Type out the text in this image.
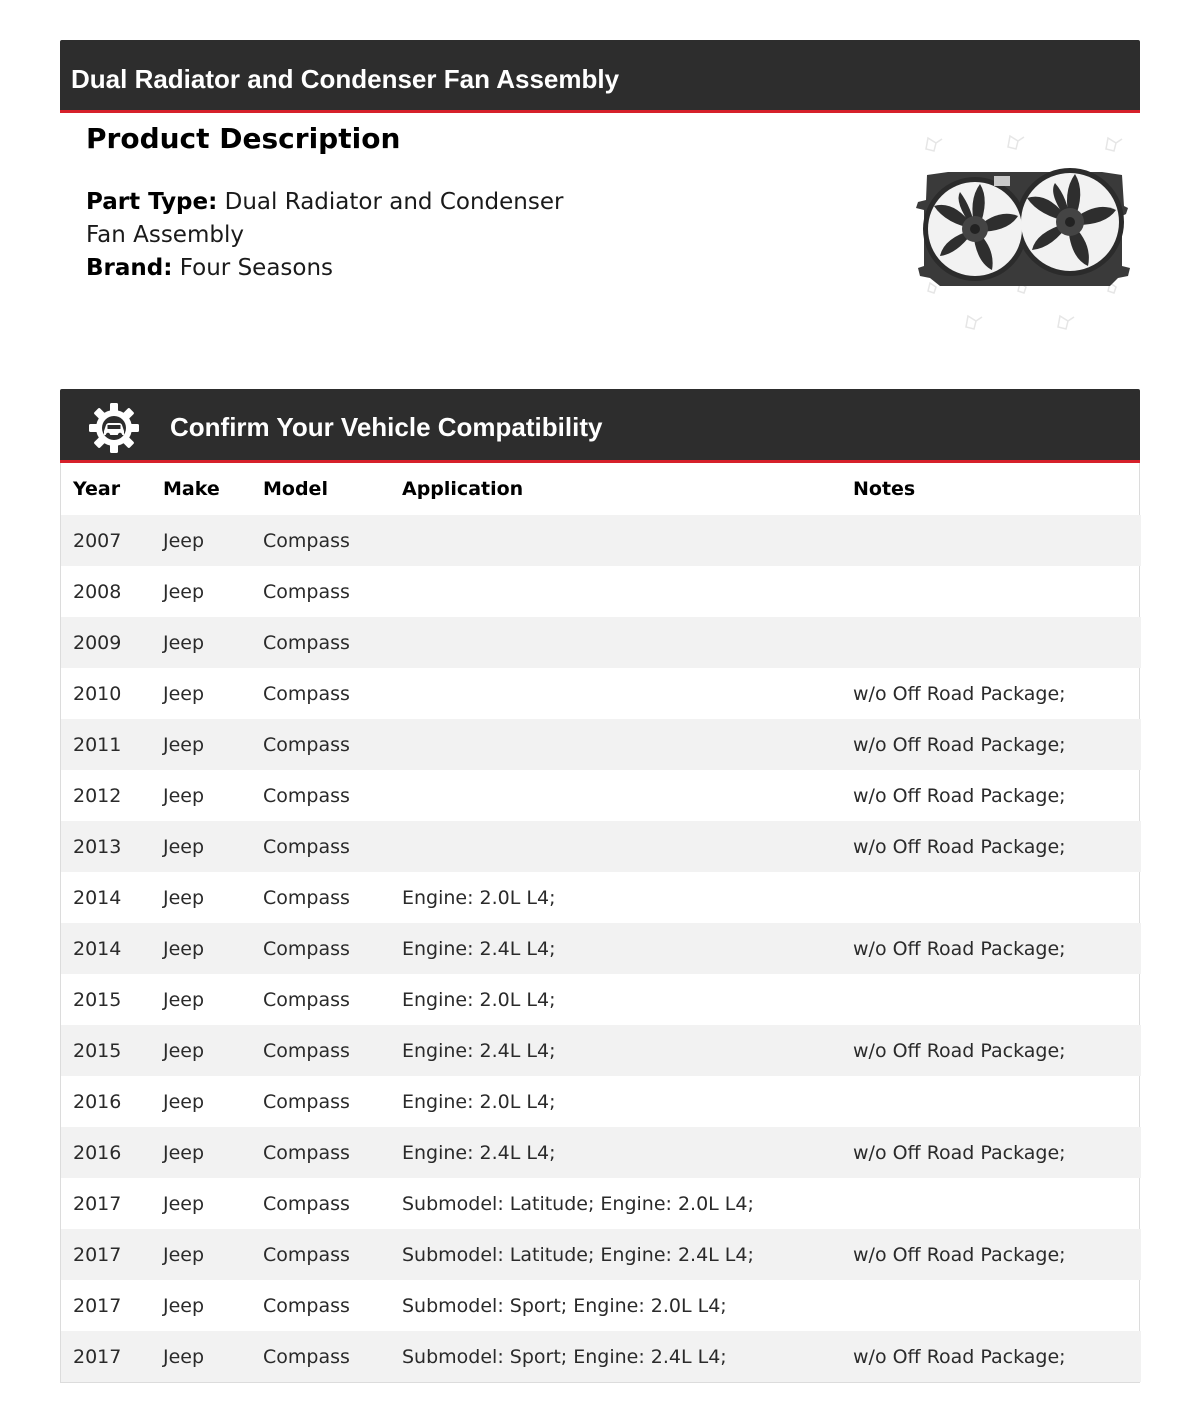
Dual Radiator and Condenser Fan Assembly
Product Description
Part Type: Dual Radiator and Condenser Fan Assembly
Brand: Four Seasons
Confirm Your Vehicle Compatibility
Year	Make	Model	Application	Notes
2007	Jeep	Compass		
2008	Jeep	Compass		
2009	Jeep	Compass		
2010	Jeep	Compass		w/o Off Road Package;
2011	Jeep	Compass		w/o Off Road Package;
2012	Jeep	Compass		w/o Off Road Package;
2013	Jeep	Compass		w/o Off Road Package;
2014	Jeep	Compass	Engine: 2.0L L4;	
2014	Jeep	Compass	Engine: 2.4L L4;	w/o Off Road Package;
2015	Jeep	Compass	Engine: 2.0L L4;	
2015	Jeep	Compass	Engine: 2.4L L4;	w/o Off Road Package;
2016	Jeep	Compass	Engine: 2.0L L4;	
2016	Jeep	Compass	Engine: 2.4L L4;	w/o Off Road Package;
2017	Jeep	Compass	Submodel: Latitude; Engine: 2.0L L4;	
2017	Jeep	Compass	Submodel: Latitude; Engine: 2.4L L4;	w/o Off Road Package;
2017	Jeep	Compass	Submodel: Sport; Engine: 2.0L L4;	
2017	Jeep	Compass	Submodel: Sport; Engine: 2.4L L4;	w/o Off Road Package;
